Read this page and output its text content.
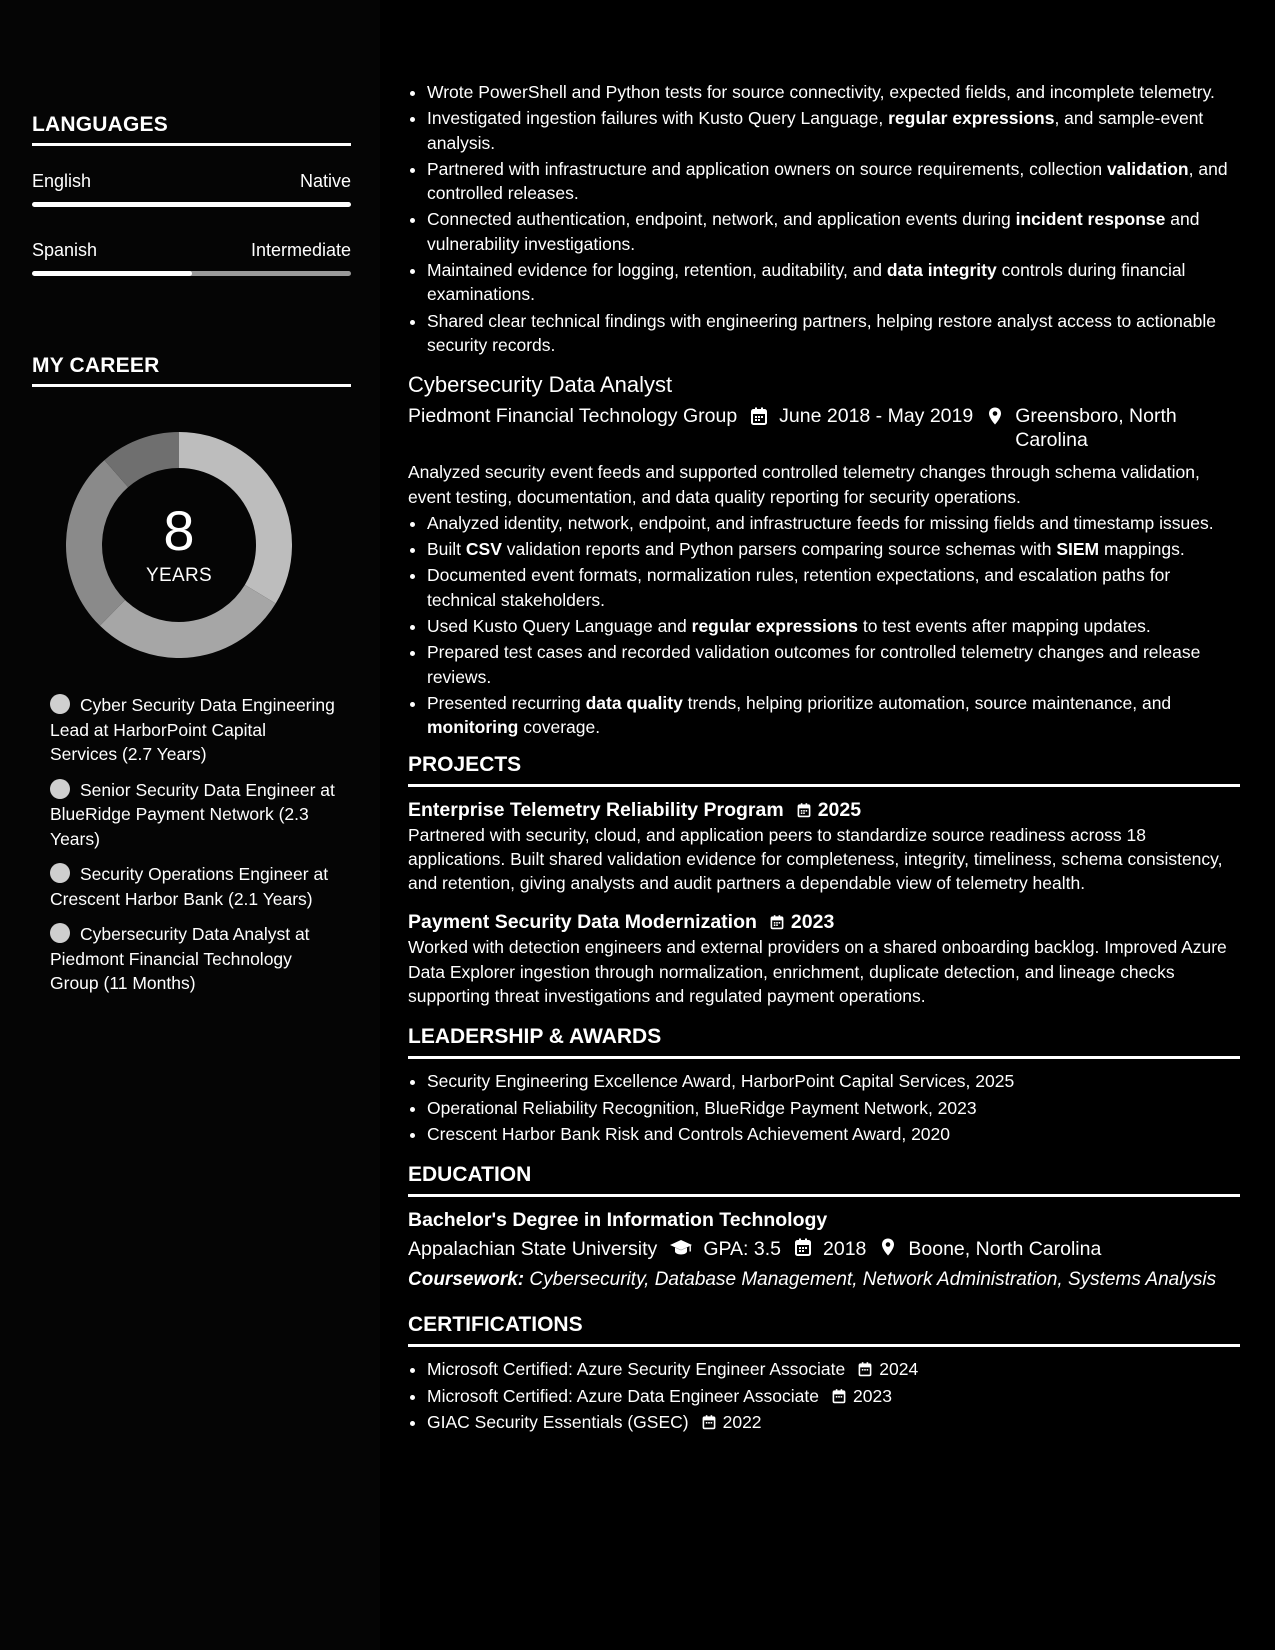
LANGUAGES
English	Native
Spanish	Intermediate
MY CAREER
8
YEARS
Cyber Security Data Engineering Lead at HarborPoint Capital Services (2.7 Years)
Senior Security Data Engineer at BlueRidge Payment Network (2.3 Years)
Security Operations Engineer at Crescent Harbor Bank (2.1 Years)
Cybersecurity Data Analyst at Piedmont Financial Technology Group (11 Months)
• Wrote PowerShell and Python tests for source connectivity, expected fields, and incomplete telemetry.
• Investigated ingestion failures with Kusto Query Language, regular expressions, and sample-event analysis.
• Partnered with infrastructure and application owners on source requirements, collection validation, and controlled releases.
• Connected authentication, endpoint, network, and application events during incident response and vulnerability investigations.
• Maintained evidence for logging, retention, auditability, and data integrity controls during financial examinations.
• Shared clear technical findings with engineering partners, helping restore analyst access to actionable security records.
Cybersecurity Data Analyst
Piedmont Financial Technology Group June 2018 - May 2019 Greensboro, North Carolina
Analyzed security event feeds and supported controlled telemetry changes through schema validation, event testing, documentation, and data quality reporting for security operations.
• Analyzed identity, network, endpoint, and infrastructure feeds for missing fields and timestamp issues.
• Built CSV validation reports and Python parsers comparing source schemas with SIEM mappings.
• Documented event formats, normalization rules, retention expectations, and escalation paths for technical stakeholders.
• Used Kusto Query Language and regular expressions to test events after mapping updates.
• Prepared test cases and recorded validation outcomes for controlled telemetry changes and release reviews.
• Presented recurring data quality trends, helping prioritize automation, source maintenance, and monitoring coverage.
PROJECTS
Enterprise Telemetry Reliability Program 2025
Partnered with security, cloud, and application peers to standardize source readiness across 18 applications. Built shared validation evidence for completeness, integrity, timeliness, schema consistency, and retention, giving analysts and audit partners a dependable view of telemetry health.
Payment Security Data Modernization 2023
Worked with detection engineers and external providers on a shared onboarding backlog. Improved Azure Data Explorer ingestion through normalization, enrichment, duplicate detection, and lineage checks supporting threat investigations and regulated payment operations.
LEADERSHIP & AWARDS
• Security Engineering Excellence Award, HarborPoint Capital Services, 2025
• Operational Reliability Recognition, BlueRidge Payment Network, 2023
• Crescent Harbor Bank Risk and Controls Achievement Award, 2020
EDUCATION
Bachelor's Degree in Information Technology
Appalachian State University GPA: 3.5 2018 Boone, North Carolina
Coursework: Cybersecurity, Database Management, Network Administration, Systems Analysis
CERTIFICATIONS
• Microsoft Certified: Azure Security Engineer Associate 2024
• Microsoft Certified: Azure Data Engineer Associate 2023
• GIAC Security Essentials (GSEC) 2022
